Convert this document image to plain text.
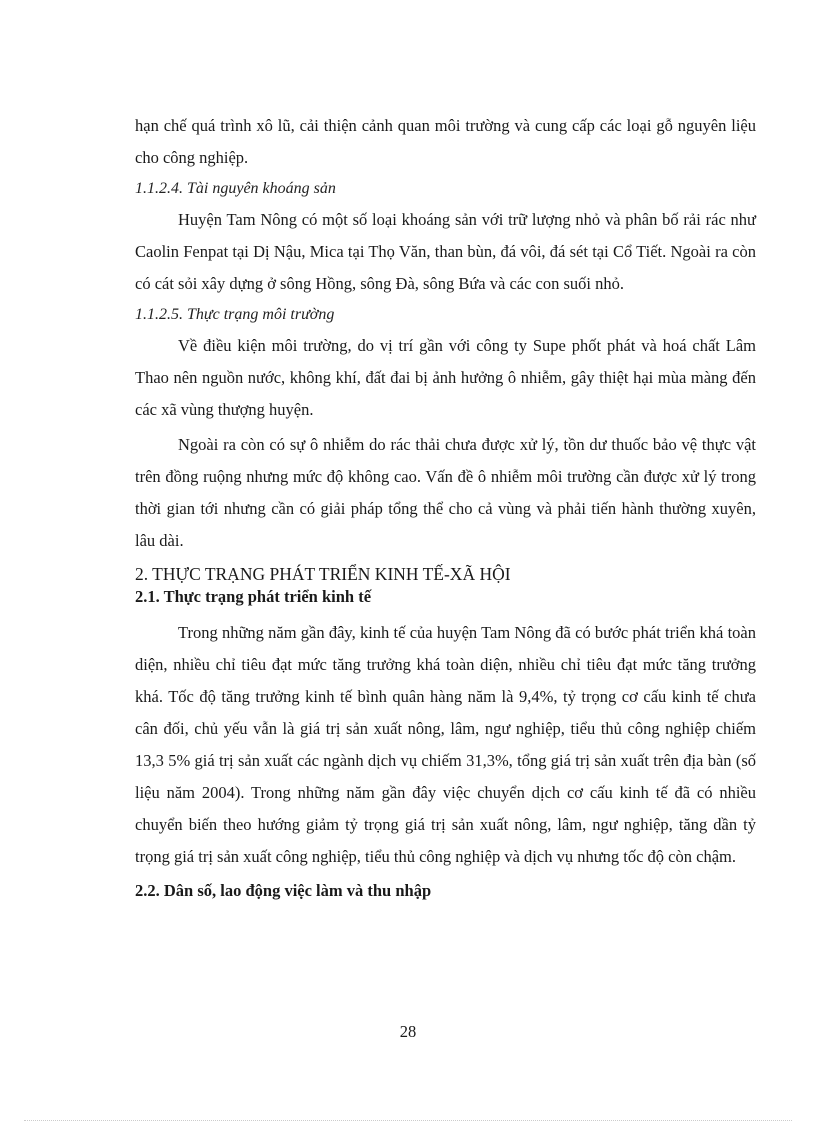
hạn chế quá trình xô lũ, cải thiện cảnh quan môi trường và cung cấp các loại gỗ nguyên liệu cho công nghiệp.

1.1.2.4. Tài nguyên khoáng sản

Huyện Tam Nông có một số loại khoáng sản với trữ lượng nhỏ và phân bố rải rác như Caolin Fenpat tại Dị Nậu, Mica tại Thọ Văn, than bùn, đá vôi, đá sét tại Cổ Tiết. Ngoài ra còn có cát sỏi xây dựng ở sông Hồng, sông Đà, sông Bứa và các con suối nhỏ.

1.1.2.5. Thực trạng môi trường

Về điều kiện môi trường, do vị trí gần với công ty Supe phốt phát và hoá chất Lâm Thao nên nguồn nước, không khí, đất đai bị ảnh hưởng ô nhiễm, gây thiệt hại mùa màng đến các xã vùng thượng huyện.

Ngoài ra còn có sự ô nhiễm do rác thải chưa được xử lý, tồn dư thuốc bảo vệ thực vật trên đồng ruộng nhưng mức độ không cao. Vấn đề ô nhiễm môi trường cần được xử lý trong thời gian tới nhưng cần có giải pháp tổng thể cho cả vùng và phải tiến hành thường xuyên, lâu dài.

2. THỰC TRẠNG PHÁT TRIỂN KINH TẾ-XÃ HỘI

2.1. Thực trạng phát triển kinh tế

Trong những năm gần đây, kinh tế của huyện Tam Nông đã có bước phát triển khá toàn diện, nhiều chỉ tiêu đạt mức tăng trưởng khá toàn diện, nhiều chỉ tiêu đạt mức tăng trưởng khá. Tốc độ tăng trưởng kinh tế bình quân hàng năm là 9,4%, tỷ trọng cơ cấu kinh tế chưa cân đối, chủ yếu vẫn là giá trị sản xuất nông, lâm, ngư nghiệp, tiểu thủ công nghiệp chiếm 13,3 5% giá trị sản xuất các ngành dịch vụ chiếm 31,3%, tổng giá trị sản xuất trên địa bàn (số liệu năm 2004). Trong những năm gần đây việc chuyển dịch cơ cấu kinh tế đã có nhiều chuyển biến theo hướng giảm tỷ trọng giá trị sản xuất nông, lâm, ngư nghiệp, tăng dần tỷ trọng giá trị sản xuất công nghiệp, tiểu thủ công nghiệp và dịch vụ nhưng tốc độ còn chậm.

2.2. Dân số, lao động việc làm và thu nhập

28
